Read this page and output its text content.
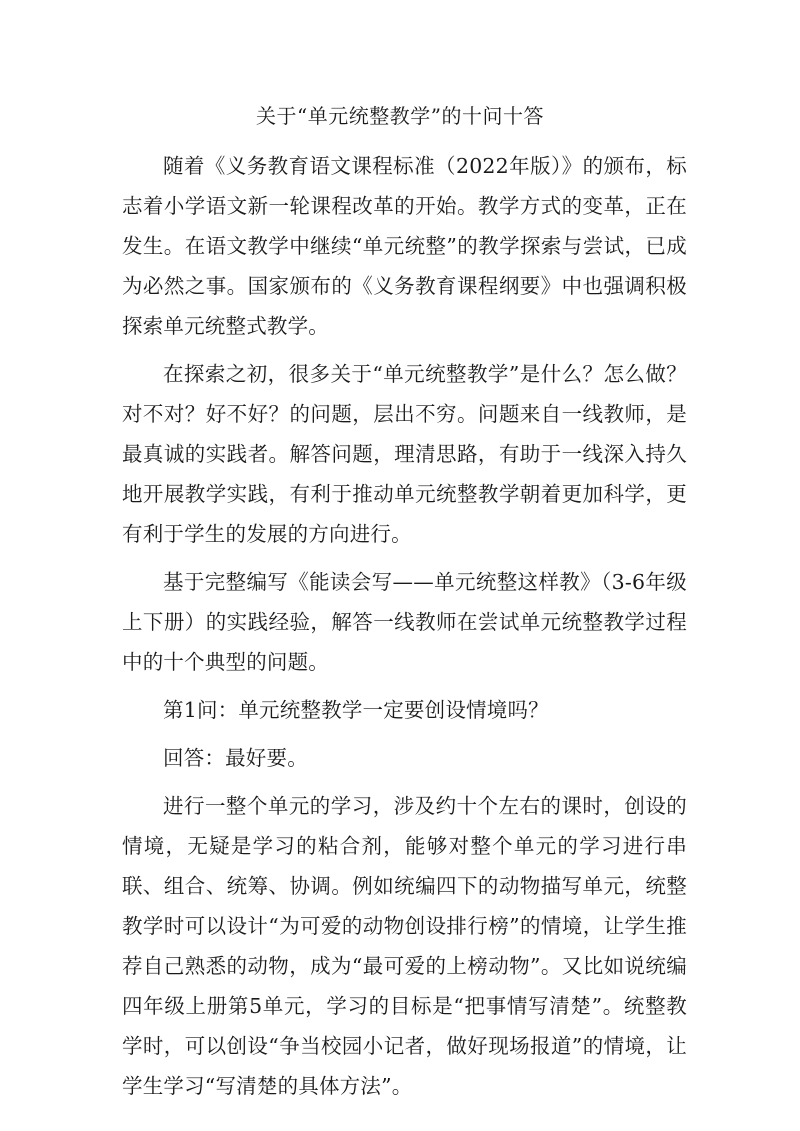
关于“单元统整教学”的十问十答

随着《义务教育语文课程标准（2022年版）》的颁布，标志着小学语文新一轮课程改革的开始。教学方式的变革，正在发生。在语文教学中继续“单元统整”的教学探索与尝试，已成为必然之事。国家颁布的《义务教育课程纲要》中也强调积极探索单元统整式教学。

在探索之初，很多关于“单元统整教学”是什么？怎么做？对不对？好不好？的问题，层出不穷。问题来自一线教师，是最真诚的实践者。解答问题，理清思路，有助于一线深入持久地开展教学实践，有利于推动单元统整教学朝着更加科学，更有利于学生的发展的方向进行。

基于完整编写《能读会写——单元统整这样教》（3-6年级上下册）的实践经验，解答一线教师在尝试单元统整教学过程中的十个典型的问题。

第1问：单元统整教学一定要创设情境吗？

回答：最好要。

进行一整个单元的学习，涉及约十个左右的课时，创设的情境，无疑是学习的粘合剂，能够对整个单元的学习进行串联、组合、统筹、协调。例如统编四下的动物描写单元，统整教学时可以设计“为可爱的动物创设排行榜”的情境，让学生推荐自己熟悉的动物，成为“最可爱的上榜动物”。又比如说统编四年级上册第5单元，学习的目标是“把事情写清楚”。统整教学时，可以创设“争当校园小记者，做好现场报道”的情境，让学生学习“写清楚的具体方法”。
